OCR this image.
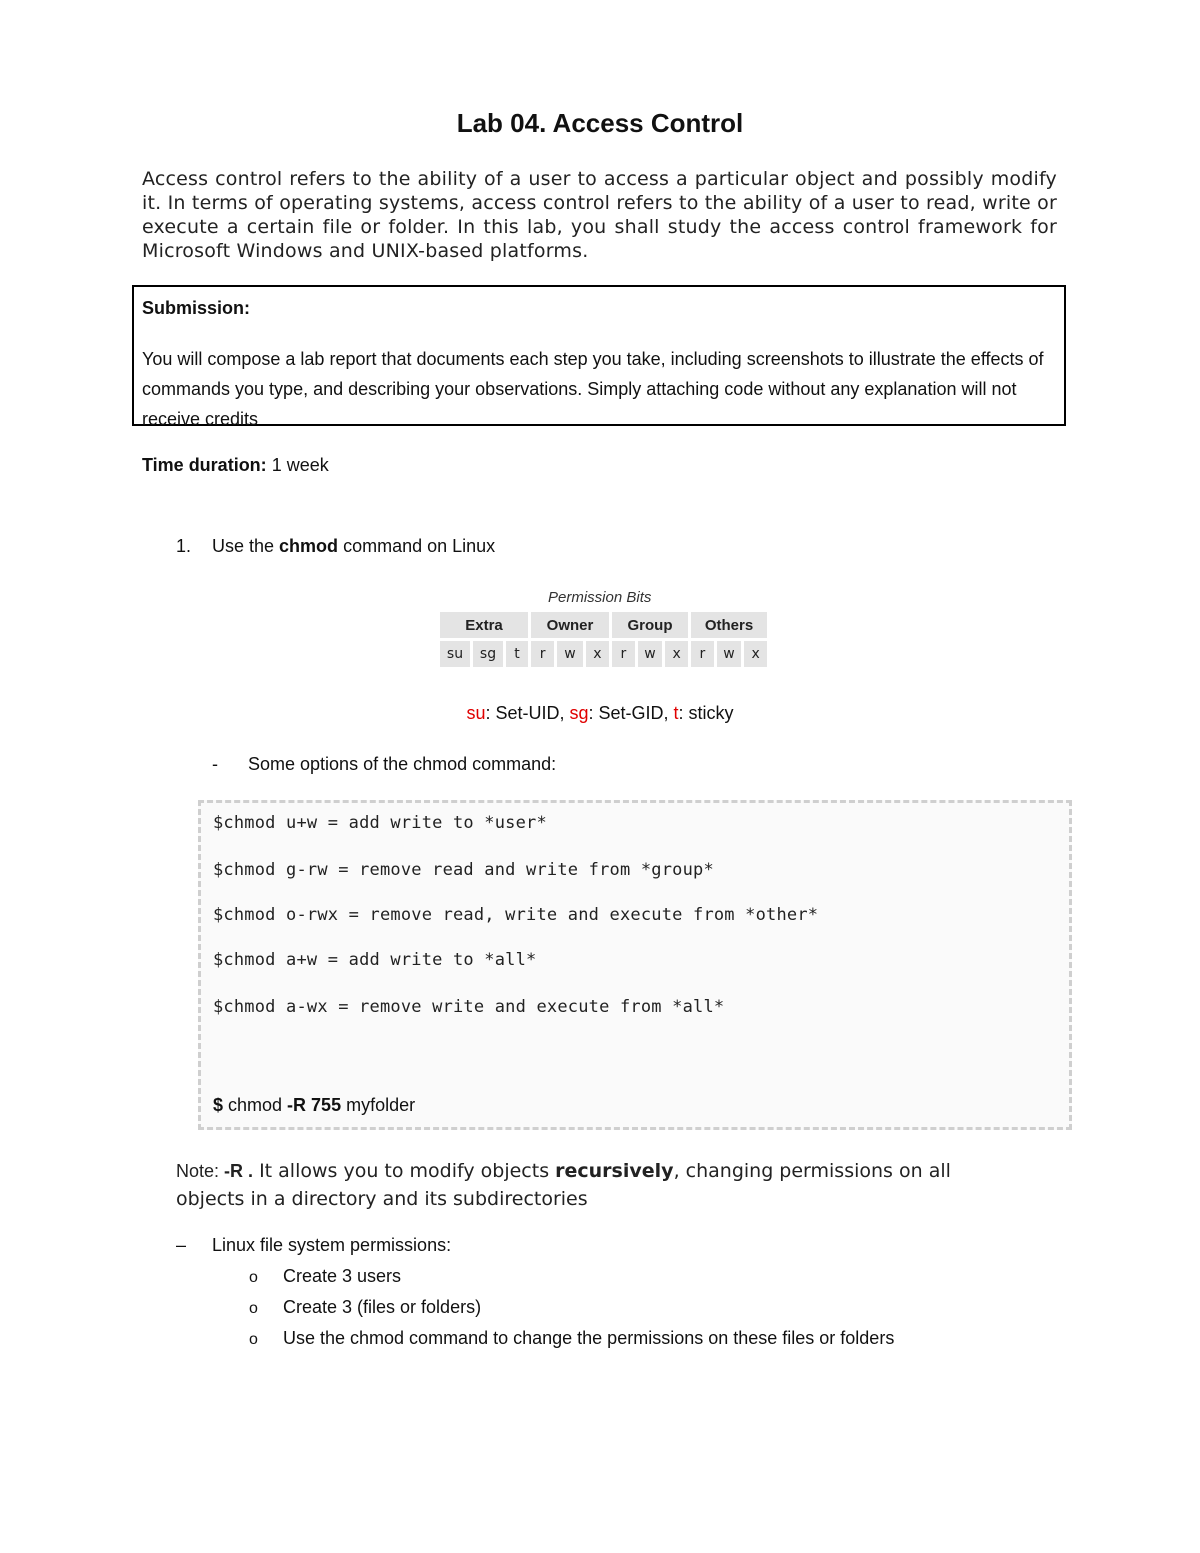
Lab 04. Access Control
Access control refers to the ability of a user to access a particular object and possibly modify it. In terms of operating systems, access control refers to the ability of a user to read, write or execute a certain file or folder. In this lab, you shall study the access control framework for Microsoft Windows and UNIX-based platforms.
Submission:
You will compose a lab report that documents each step you take, including screenshots to illustrate the effects of commands you type, and describing your observations. Simply attaching code without any explanation will not receive credits
Time duration: 1 week
1. Use the chmod command on Linux
Permission Bits
Extra			Owner			Group			Others		
su	sg	t	r	w	x	r	w	x	r	w	x
su: Set-UID, sg: Set-GID, t: sticky
- Some options of the chmod command:
$chmod u+w = add write to *user*
$chmod g-rw = remove read and write from *group*
$chmod o-rwx = remove read, write and execute from *other*
$chmod a+w = add write to *all*
$chmod a-wx = remove write and execute from *all*
$ chmod -R 755 myfolder
Note: -R . It allows you to modify objects recursively, changing permissions on all objects in a directory and its subdirectories
– Linux file system permissions:
o Create 3 users
o Create 3 (files or folders)
o Use the chmod command to change the permissions on these files or folders
